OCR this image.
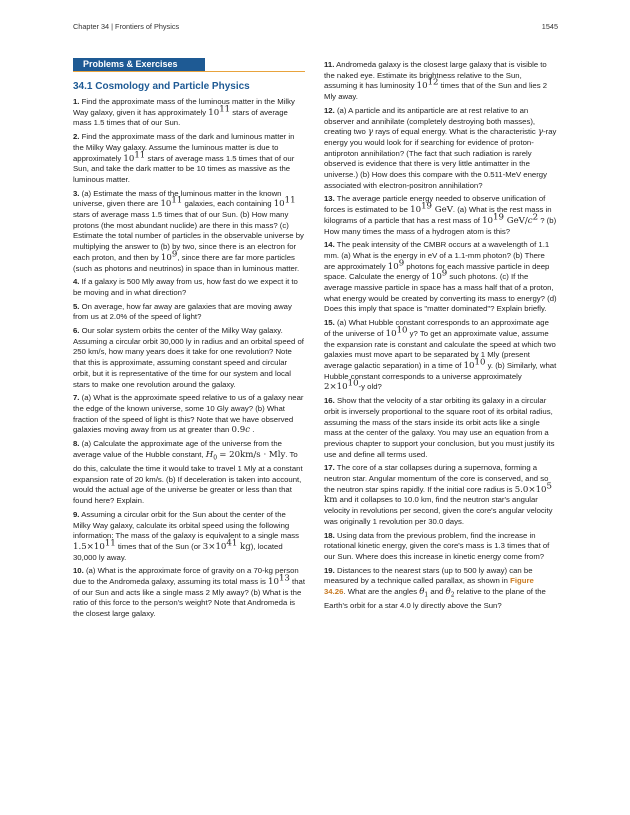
Chapter 34 | Frontiers of Physics	1545
Problems & Exercises
34.1 Cosmology and Particle Physics

1. Find the approximate mass of the luminous matter in the Milky Way galaxy, given it has approximately $10^{11}$ stars of average mass 1.5 times that of our Sun.

2. Find the approximate mass of the dark and luminous matter in the Milky Way galaxy. Assume the luminous matter is due to approximately $10^{11}$ stars of average mass 1.5 times that of our Sun, and take the dark matter to be 10 times as massive as the luminous matter.

3. (a) Estimate the mass of the luminous matter in the known universe, given there are $10^{11}$ galaxies, each containing $10^{11}$ stars of average mass 1.5 times that of our Sun. (b) How many protons (the most abundant nuclide) are there in this mass? (c) Estimate the total number of particles in the observable universe by multiplying the answer to (b) by two, since there is an electron for each proton, and then by $10^9$, since there are far more particles (such as photons and neutrinos) in space than in luminous matter.

4. If a galaxy is 500 Mly away from us, how fast do we expect it to be moving and in what direction?

5. On average, how far away are galaxies that are moving away from us at 2.0% of the speed of light?

6. Our solar system orbits the center of the Milky Way galaxy. Assuming a circular orbit 30,000 ly in radius and an orbital speed of 250 km/s, how many years does it take for one revolution? Note that this is approximate, assuming constant speed and circular orbit, but it is representative of the time for our system and local stars to make one revolution around the galaxy.

7. (a) What is the approximate speed relative to us of a galaxy near the edge of the known universe, some 10 Gly away? (b) What fraction of the speed of light is this? Note that we have observed galaxies moving away from us at greater than 0.9c .

8. (a) Calculate the approximate age of the universe from the average value of the Hubble constant, $H_0 = 20km/s$ · Mly. To do this, calculate the time it would take to travel 1 Mly at a constant expansion rate of 20 km/s. (b) If deceleration is taken into account, would the actual age of the universe be greater or less than that found here? Explain.

9. Assuming a circular orbit for the Sun about the center of the Milky Way galaxy, calculate its orbital speed using the following information: The mass of the galaxy is equivalent to a single mass $1.5\times 10^{11}$ times that of the Sun (or $3\times 10^{41}$ kg), located 30,000 ly away.

10. (a) What is the approximate force of gravity on a 70-kg person due to the Andromeda galaxy, assuming its total mass is $10^{13}$ that of our Sun and acts like a single mass 2 Mly away? (b) What is the ratio of this force to the person's weight? Note that Andromeda is the closest large galaxy.

11. Andromeda galaxy is the closest large galaxy that is visible to the naked eye. Estimate its brightness relative to the Sun, assuming it has luminosity $10^{12}$ times that of the Sun and lies 2 Mly away.

12. (a) A particle and its antiparticle are at rest relative to an observer and annihilate (completely destroying both masses), creating two γ rays of equal energy. What is the characteristic γ-ray energy you would look for if searching for evidence of proton-antiproton annihilation? (The fact that such radiation is rarely observed is evidence that there is very little antimatter in the universe.) (b) How does this compare with the 0.511-MeV energy associated with electron-positron annihilation?

13. The average particle energy needed to observe unification of forces is estimated to be $10^{19}$ GeV. (a) What is the rest mass in kilograms of a particle that has a rest mass of $10^{19}$ GeV/$c^2$ ? (b) How many times the mass of a hydrogen atom is this?

14. The peak intensity of the CMBR occurs at a wavelength of 1.1 mm. (a) What is the energy in eV of a 1.1-mm photon? (b) There are approximately $10^9$ photons for each massive particle in deep space. Calculate the energy of $10^9$ such photons. (c) If the average massive particle in space has a mass half that of a proton, what energy would be created by converting its mass to energy? (d) Does this imply that space is "matter dominated"? Explain briefly.

15. (a) What Hubble constant corresponds to an approximate age of the universe of $10^{10}$ y? To get an approximate value, assume the expansion rate is constant and calculate the speed at which two galaxies must move apart to be separated by 1 Mly (present average galactic separation) in a time of $10^{10}$ y. (b) Similarly, what Hubble constant corresponds to a universe approximately $2\times 10^{10}-y$ old?

16. Show that the velocity of a star orbiting its galaxy in a circular orbit is inversely proportional to the square root of its orbital radius, assuming the mass of the stars inside its orbit acts like a single mass at the center of the galaxy. You may use an equation from a previous chapter to support your conclusion, but you must justify its use and define all terms used.

17. The core of a star collapses during a supernova, forming a neutron star. Angular momentum of the core is conserved, and so the neutron star spins rapidly. If the initial core radius is $5.0\times 10^5$ km and it collapses to 10.0 km, find the neutron star's angular velocity in revolutions per second, given the core's angular velocity was originally 1 revolution per 30.0 days.

18. Using data from the previous problem, find the increase in rotational kinetic energy, given the core's mass is 1.3 times that of our Sun. Where does this increase in kinetic energy come from?

19. Distances to the nearest stars (up to 500 ly away) can be measured by a technique called parallax, as shown in Figure 34.26. What are the angles $\theta_1$ and $\theta_2$ relative to the plane of the Earth's orbit for a star 4.0 ly directly above the Sun?
